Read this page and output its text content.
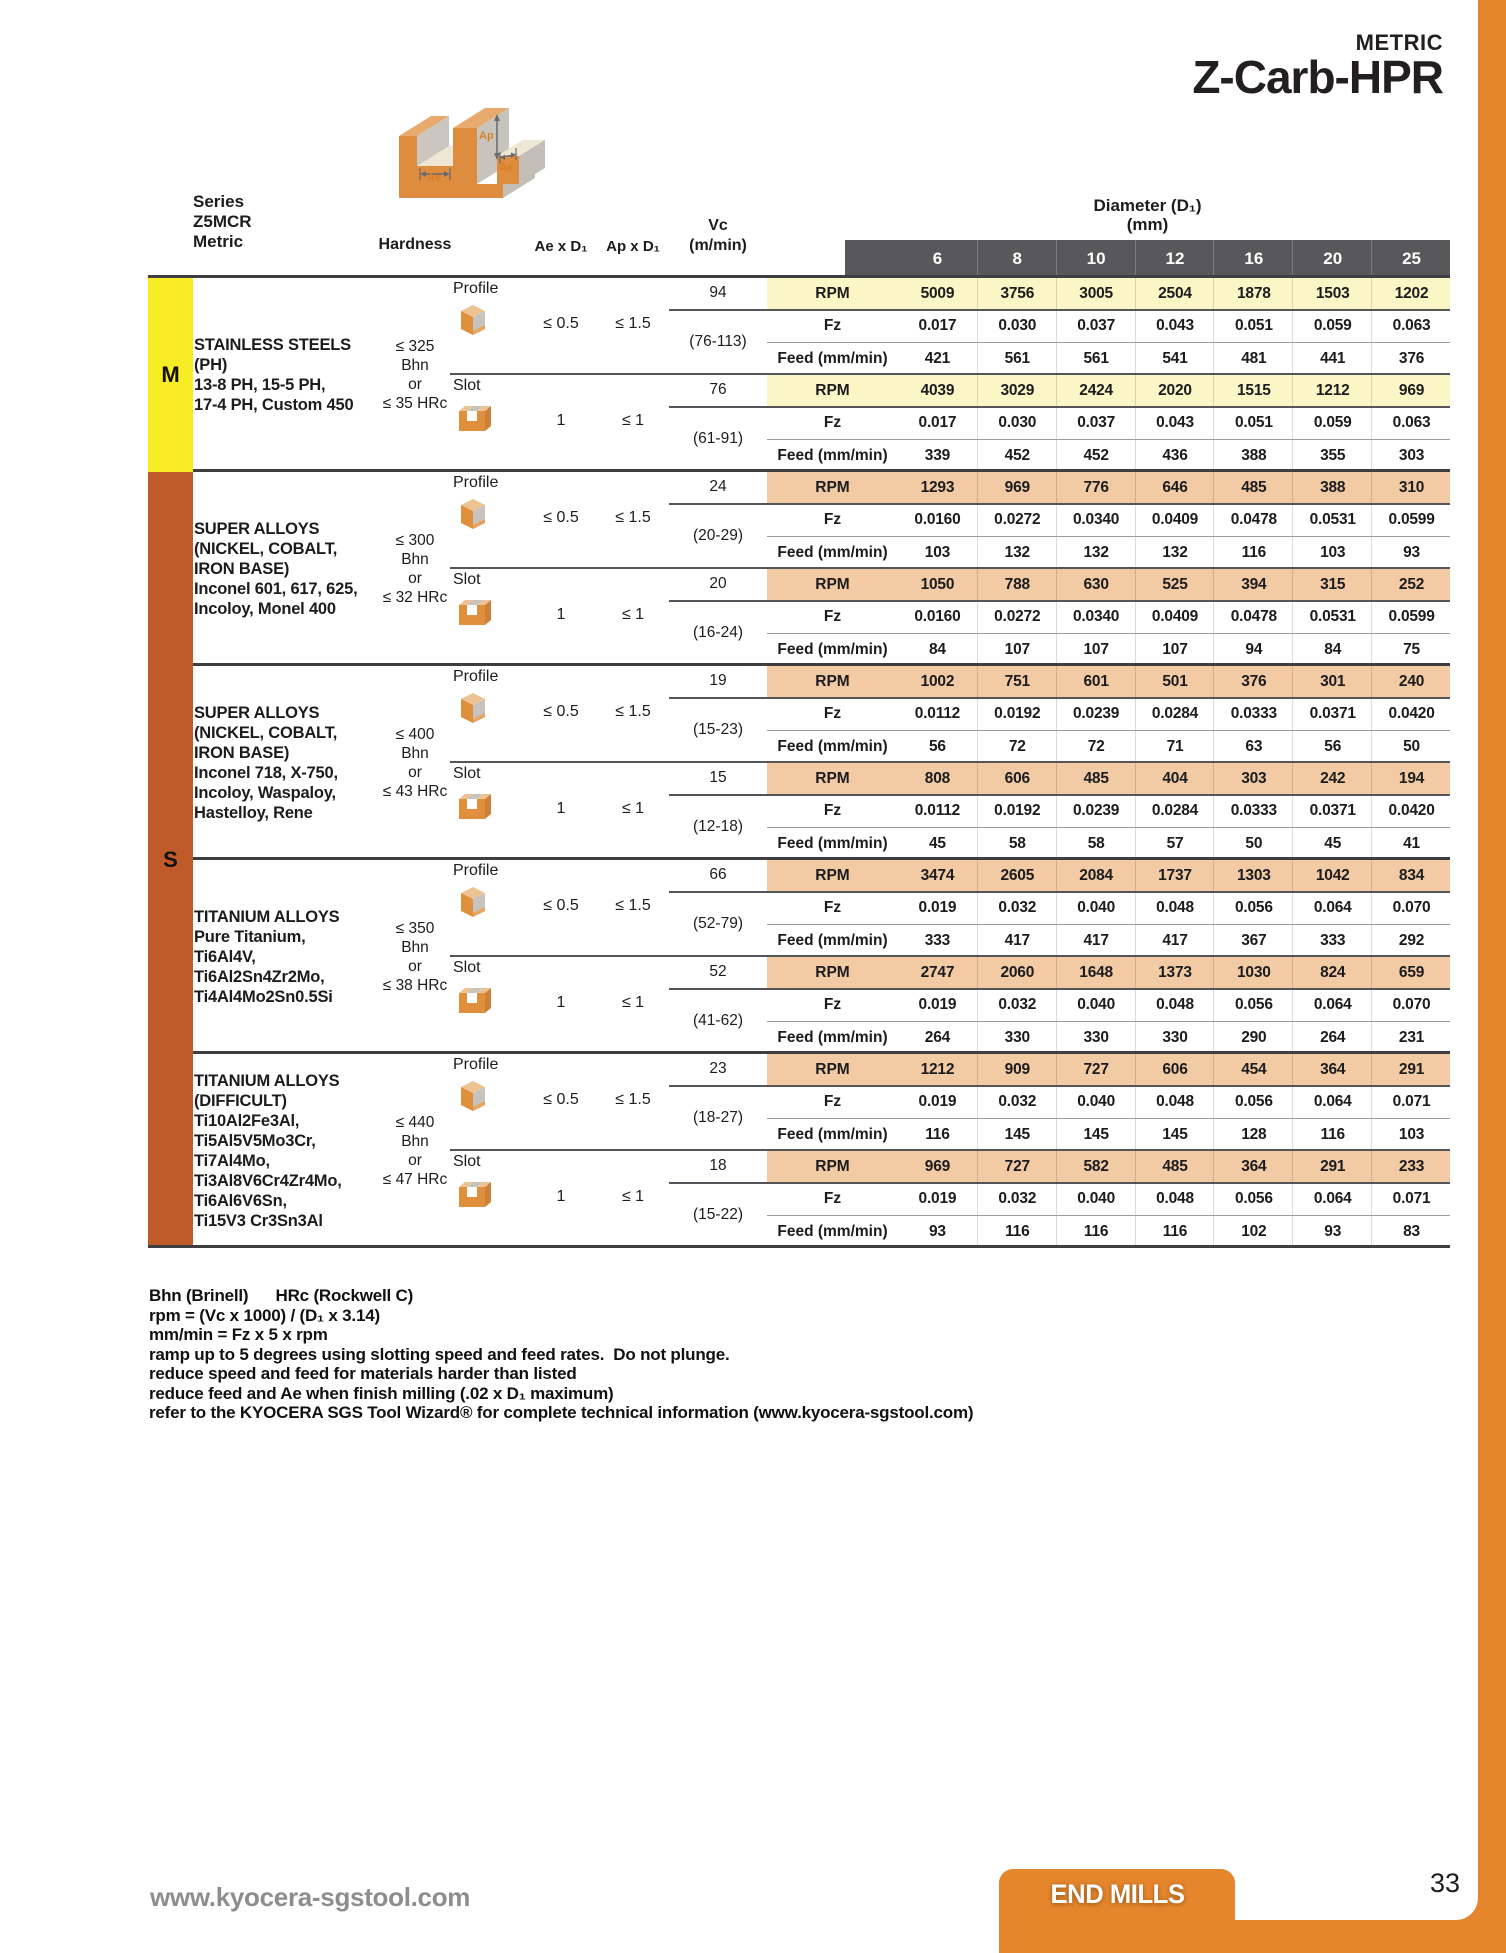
METRIC
Z-Carb-HPR
Ap
Ae
Ae
Series
Z5MCR
Metric	Hardness	Ae x D₁	Ap x D₁
Vc
(m/min)
Diameter (D₁)
(mm)
6	8	10	12	16	20	25
M
S
STAINLESS STEELS
(PH)
13-8 PH, 15-5 PH,
17-4 PH, Custom 450
≤ 325 Bhn
or
≤ 35 HRc
Profile
≤ 0.5	≤ 1.5
94
(76-113)
RPM	5009	3756	3005	2504	1878	1503	1202
Fz	0.017	0.030	0.037	0.043	0.051	0.059	0.063
Feed (mm/min)	421	561	561	541	481	441	376
Slot
1	≤ 1
76
(61-91)
RPM	4039	3029	2424	2020	1515	1212	969
Fz	0.017	0.030	0.037	0.043	0.051	0.059	0.063
Feed (mm/min)	339	452	452	436	388	355	303
SUPER ALLOYS
(NICKEL, COBALT,
IRON BASE)
Inconel 601, 617, 625,
Incoloy, Monel 400
≤ 300 Bhn
or
≤ 32 HRc
Profile
≤ 0.5	≤ 1.5
24
(20-29)
RPM	1293	969	776	646	485	388	310
Fz	0.0160	0.0272	0.0340	0.0409	0.0478	0.0531	0.0599
Feed (mm/min)	103	132	132	132	116	103	93
Slot
1	≤ 1
20
(16-24)
RPM	1050	788	630	525	394	315	252
Fz	0.0160	0.0272	0.0340	0.0409	0.0478	0.0531	0.0599
Feed (mm/min)	84	107	107	107	94	84	75
SUPER ALLOYS
(NICKEL, COBALT,
IRON BASE)
Inconel 718, X-750,
Incoloy, Waspaloy,
Hastelloy, Rene
≤ 400 Bhn
or
≤ 43 HRc
Profile
≤ 0.5	≤ 1.5
19
(15-23)
RPM	1002	751	601	501	376	301	240
Fz	0.0112	0.0192	0.0239	0.0284	0.0333	0.0371	0.0420
Feed (mm/min)	56	72	72	71	63	56	50
Slot
1	≤ 1
15
(12-18)
RPM	808	606	485	404	303	242	194
Fz	0.0112	0.0192	0.0239	0.0284	0.0333	0.0371	0.0420
Feed (mm/min)	45	58	58	57	50	45	41
TITANIUM ALLOYS
Pure Titanium,
Ti6Al4V,
Ti6Al2Sn4Zr2Mo,
Ti4Al4Mo2Sn0.5Si
≤ 350 Bhn
or
≤ 38 HRc
Profile
≤ 0.5	≤ 1.5
66
(52-79)
RPM	3474	2605	2084	1737	1303	1042	834
Fz	0.019	0.032	0.040	0.048	0.056	0.064	0.070
Feed (mm/min)	333	417	417	417	367	333	292
Slot
1	≤ 1
52
(41-62)
RPM	2747	2060	1648	1373	1030	824	659
Fz	0.019	0.032	0.040	0.048	0.056	0.064	0.070
Feed (mm/min)	264	330	330	330	290	264	231
TITANIUM ALLOYS
(DIFFICULT)
Ti10Al2Fe3Al,
Ti5Al5V5Mo3Cr,
Ti7Al4Mo,
Ti3Al8V6Cr4Zr4Mo,
Ti6Al6V6Sn,
Ti15V3 Cr3Sn3Al
≤ 440 Bhn
or
≤ 47 HRc
Profile
≤ 0.5	≤ 1.5
23
(18-27)
RPM	1212	909	727	606	454	364	291
Fz	0.019	0.032	0.040	0.048	0.056	0.064	0.071
Feed (mm/min)	116	145	145	145	128	116	103
Slot
1	≤ 1
18
(15-22)
RPM	969	727	582	485	364	291	233
Fz	0.019	0.032	0.040	0.048	0.056	0.064	0.071
Feed (mm/min)	93	116	116	116	102	93	83
Bhn (Brinell)      HRc (Rockwell C)
rpm = (Vc x 1000) / (D₁ x 3.14)
mm/min = Fz x 5 x rpm
ramp up to 5 degrees using slotting speed and feed rates.  Do not plunge.
reduce speed and feed for materials harder than listed
reduce feed and Ae when finish milling (.02 x D₁ maximum)
refer to the KYOCERA SGS Tool Wizard® for complete technical information (www.kyocera-sgstool.com)
www.kyocera-sgstool.com	END MILLS	33
